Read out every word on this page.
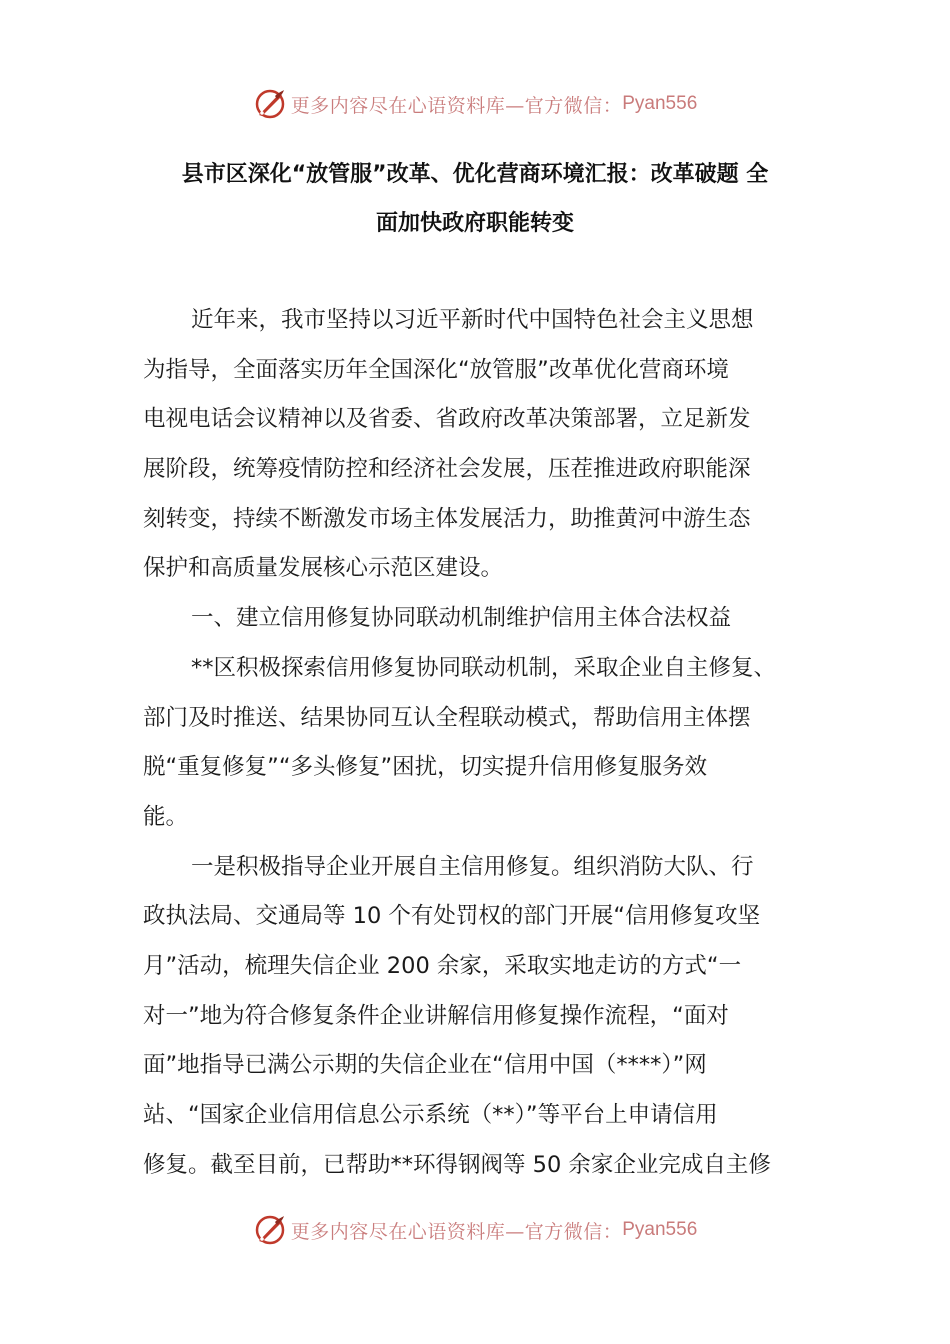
更多内容尽在心语资料库—官方微信： Pyan556
县市区深化“放管服”改革、优化营商环境汇报：改革破题 全
面加快政府职能转变
近年来，我市坚持以习近平新时代中国特色社会主义思想
为指导，全面落实历年全国深化“放管服”改革优化营商环境
电视电话会议精神以及省委、省政府改革决策部署，立足新发
展阶段，统筹疫情防控和经济社会发展，压茬推进政府职能深
刻转变，持续不断激发市场主体发展活力，助推黄河中游生态
保护和高质量发展核心示范区建设。
一、建立信用修复协同联动机制维护信用主体合法权益
**区积极探索信用修复协同联动机制，采取企业自主修复、
部门及时推送、结果协同互认全程联动模式，帮助信用主体摆
脱“重复修复”“多头修复”困扰，切实提升信用修复服务效
能。
一是积极指导企业开展自主信用修复。组织消防大队、行
政执法局、交通局等 10 个有处罚权的部门开展“信用修复攻坚
月”活动，梳理失信企业 200 余家，采取实地走访的方式“一
对一”地为符合修复条件企业讲解信用修复操作流程，“面对
面”地指导已满公示期的失信企业在“信用中国（****）”网
站、“国家企业信用信息公示系统（**）”等平台上申请信用
修复。截至目前，已帮助**环得钢阀等 50 余家企业完成自主修
更多内容尽在心语资料库—官方微信： Pyan556
